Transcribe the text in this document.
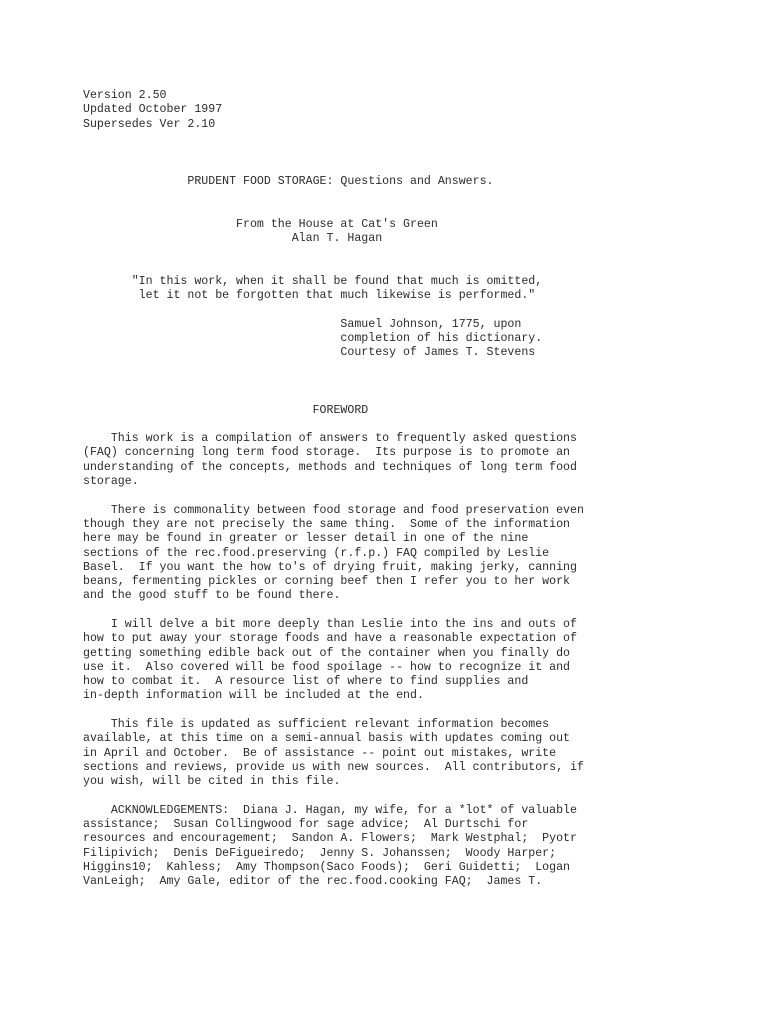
Version 2.50
Updated October 1997
Supersedes Ver 2.10
PRUDENT FOOD STORAGE: Questions and Answers.
From the House at Cat's Green
Alan T. Hagan
"In this work, when it shall be found that much is omitted,
let it not be forgotten that much likewise is performed."
Samuel Johnson, 1775, upon
completion of his dictionary.
Courtesy of James T. Stevens
FOREWORD
This work is a compilation of answers to frequently asked questions
(FAQ) concerning long term food storage.  Its purpose is to promote an
understanding of the concepts, methods and techniques of long term food
storage.
There is commonality between food storage and food preservation even
though they are not precisely the same thing.  Some of the information
here may be found in greater or lesser detail in one of the nine
sections of the rec.food.preserving (r.f.p.) FAQ compiled by Leslie
Basel.  If you want the how to's of drying fruit, making jerky, canning
beans, fermenting pickles or corning beef then I refer you to her work
and the good stuff to be found there.
I will delve a bit more deeply than Leslie into the ins and outs of
how to put away your storage foods and have a reasonable expectation of
getting something edible back out of the container when you finally do
use it.  Also covered will be food spoilage -- how to recognize it and
how to combat it.  A resource list of where to find supplies and
in-depth information will be included at the end.
This file is updated as sufficient relevant information becomes
available, at this time on a semi-annual basis with updates coming out
in April and October.  Be of assistance -- point out mistakes, write
sections and reviews, provide us with new sources.  All contributors, if
you wish, will be cited in this file.
ACKNOWLEDGEMENTS:  Diana J. Hagan, my wife, for a *lot* of valuable
assistance;  Susan Collingwood for sage advice;  Al Durtschi for
resources and encouragement;  Sandon A. Flowers;  Mark Westphal;  Pyotr
Filipivich;  Denis DeFigueiredo;  Jenny S. Johanssen;  Woody Harper;
Higgins10;  Kahless;  Amy Thompson(Saco Foods);  Geri Guidetti;  Logan
VanLeigh;  Amy Gale, editor of the rec.food.cooking FAQ;  James T.
